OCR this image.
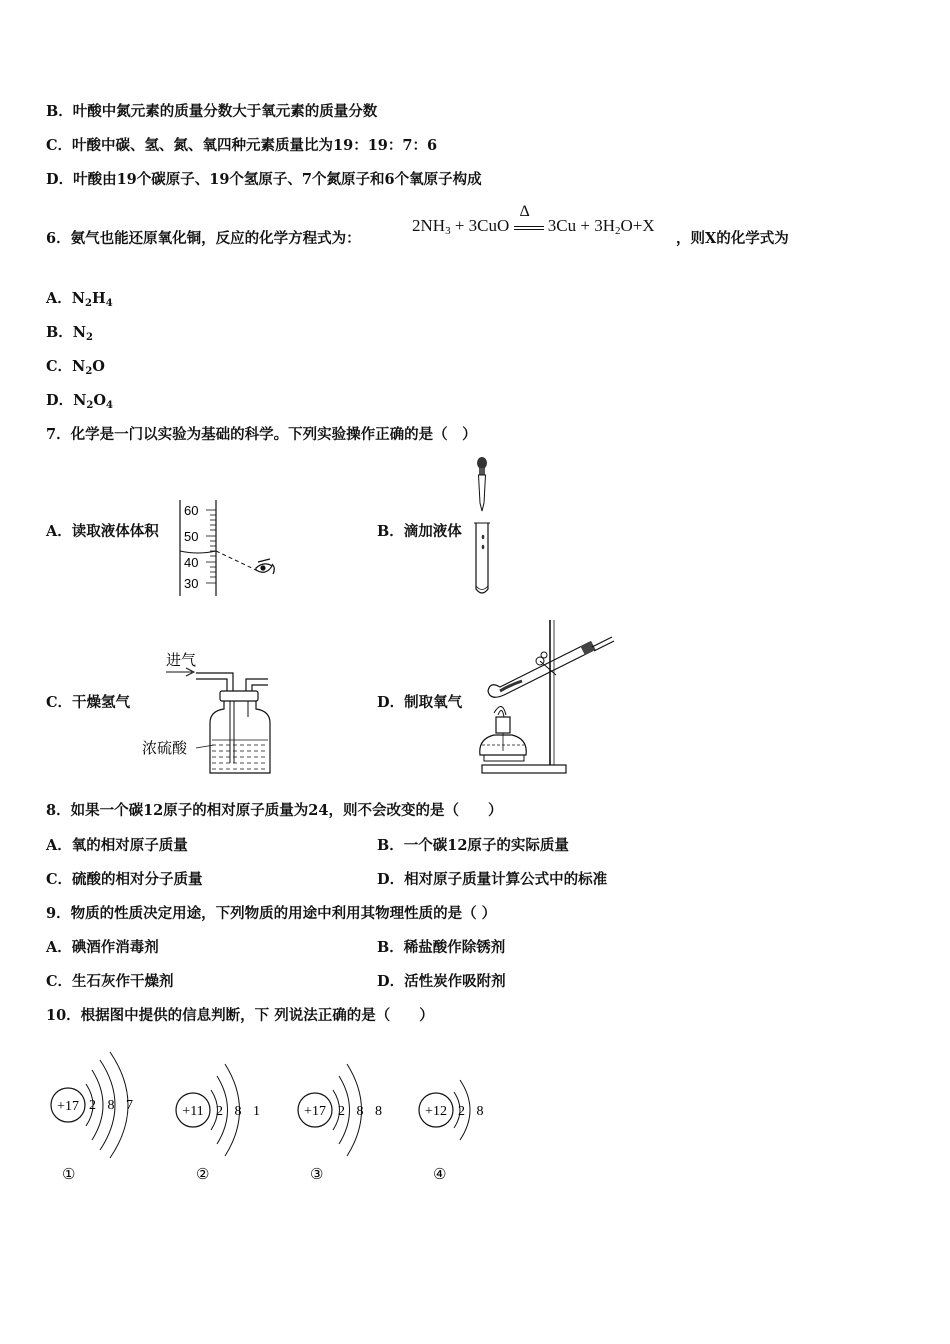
B．叶酸中氮元素的质量分数大于氧元素的质量分数
C．叶酸中碳、氢、氮、氧四种元素质量比为19：19：7：6
D．叶酸由19个碳原子、19个氢原子、7个氮原子和6个氧原子构成
6．氨气也能还原氧化铜，反应的化学方程式为：
$2NH_3 + 3CuO$
Δ
$3Cu + 3H_2O+X$
，则X的化学式为
A．$N_2H_4$
B．$N_2$
C．$N_2O$
D．$N_2O_4$
7．化学是一门以实验为基础的科学。下列实验操作正确的是（　）
A．读取液体体积
60
50
40
30
B．滴加液体
C．干燥氢气
进气
浓硫酸
D．制取氧气
8．如果一个碳12原子的相对原子质量为24，则不会改变的是（　　）
A．氧的相对原子质量	B．一个碳12原子的实际质量
C．硫酸的相对分子质量	D．相对原子质量计算公式中的标准
9．物质的性质决定用途，下列物质的用途中利用其物理性质的是（ ）
A．碘酒作消毒剂	B．稀盐酸作除锈剂
C．生石灰作干燥剂	D．活性炭作吸附剂
10．根据图中提供的信息判断，下 列说法正确的是（　　）
+17 2 8 7
①
+11 2 8 1
②
+17 2 8 8
③
+12 2 8
④
